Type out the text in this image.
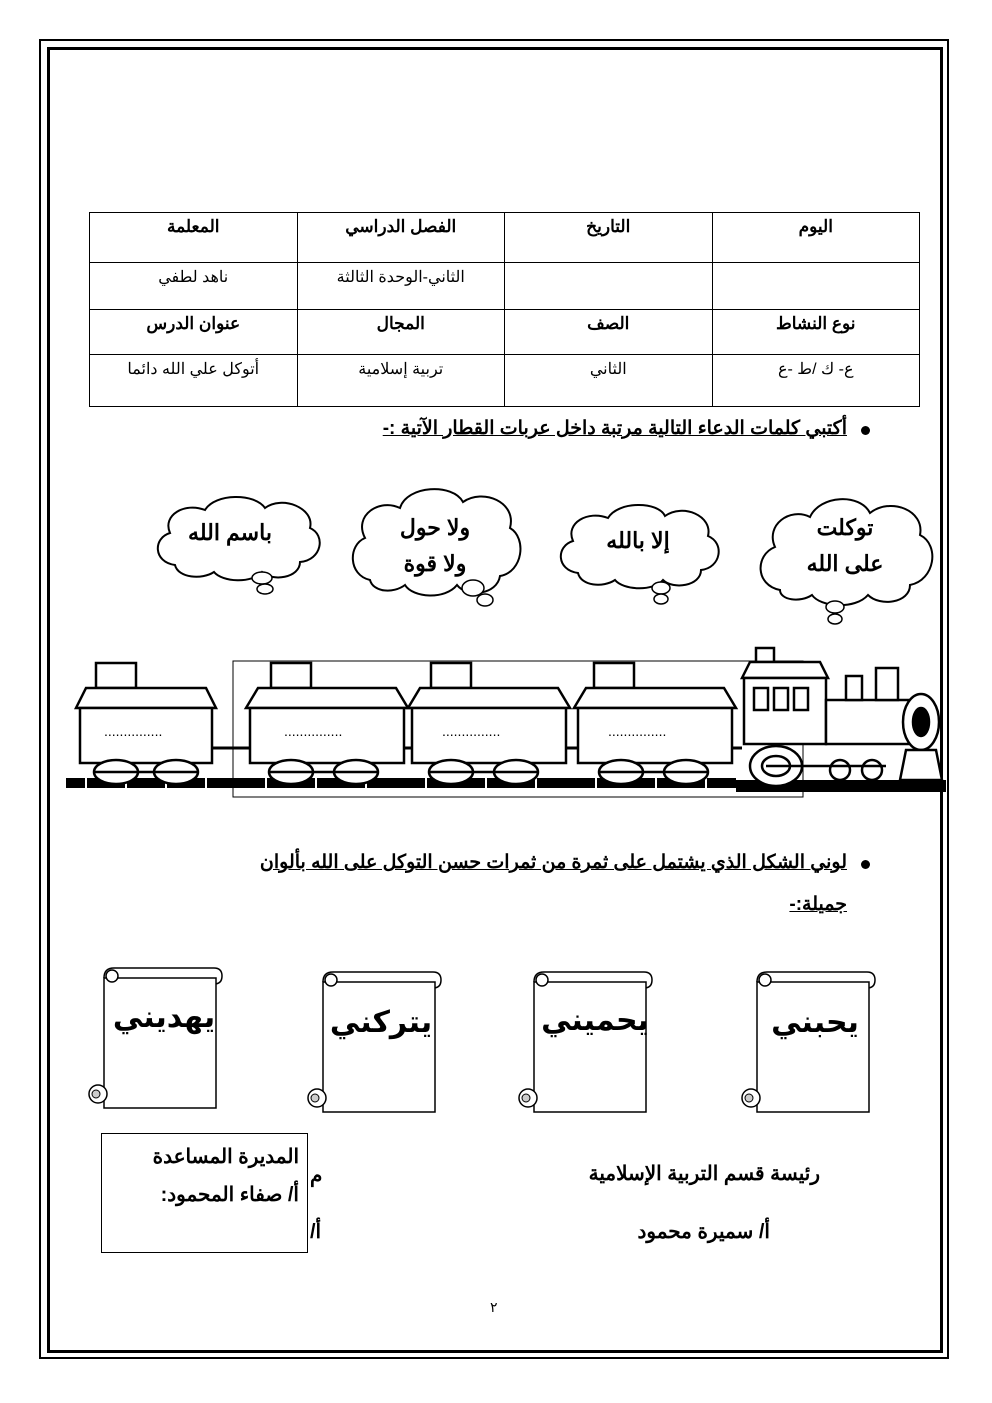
اليوم	التاريخ	الفصل الدراسي	المعلمة
		الثاني-الوحدة الثالثة	ناهد لطفي
نوع النشاط	الصف	المجال	عنوان الدرس
ع- ك /ط -ع	الثاني	تربية إسلامية	أتوكل علي الله دائما
أكتبي كلمات الدعاء التالية مرتبة داخل عربات القطار الآتية :-
توكلت
على الله
إلا بالله
ولا حول
ولا قوة
باسم الله
...............	...............	...............	...............
لوني الشكل الذي يشتمل على ثمرة من ثمرات حسن التوكل على الله بألوان
جميلة:-
يحبني
يحميني
يتركني
يهديني
رئيسة قسم التربية الإسلامية
أ/ سميرة محمود
م
أ/
المديرة المساعدة
أ/ صفاء المحمود:
٢
